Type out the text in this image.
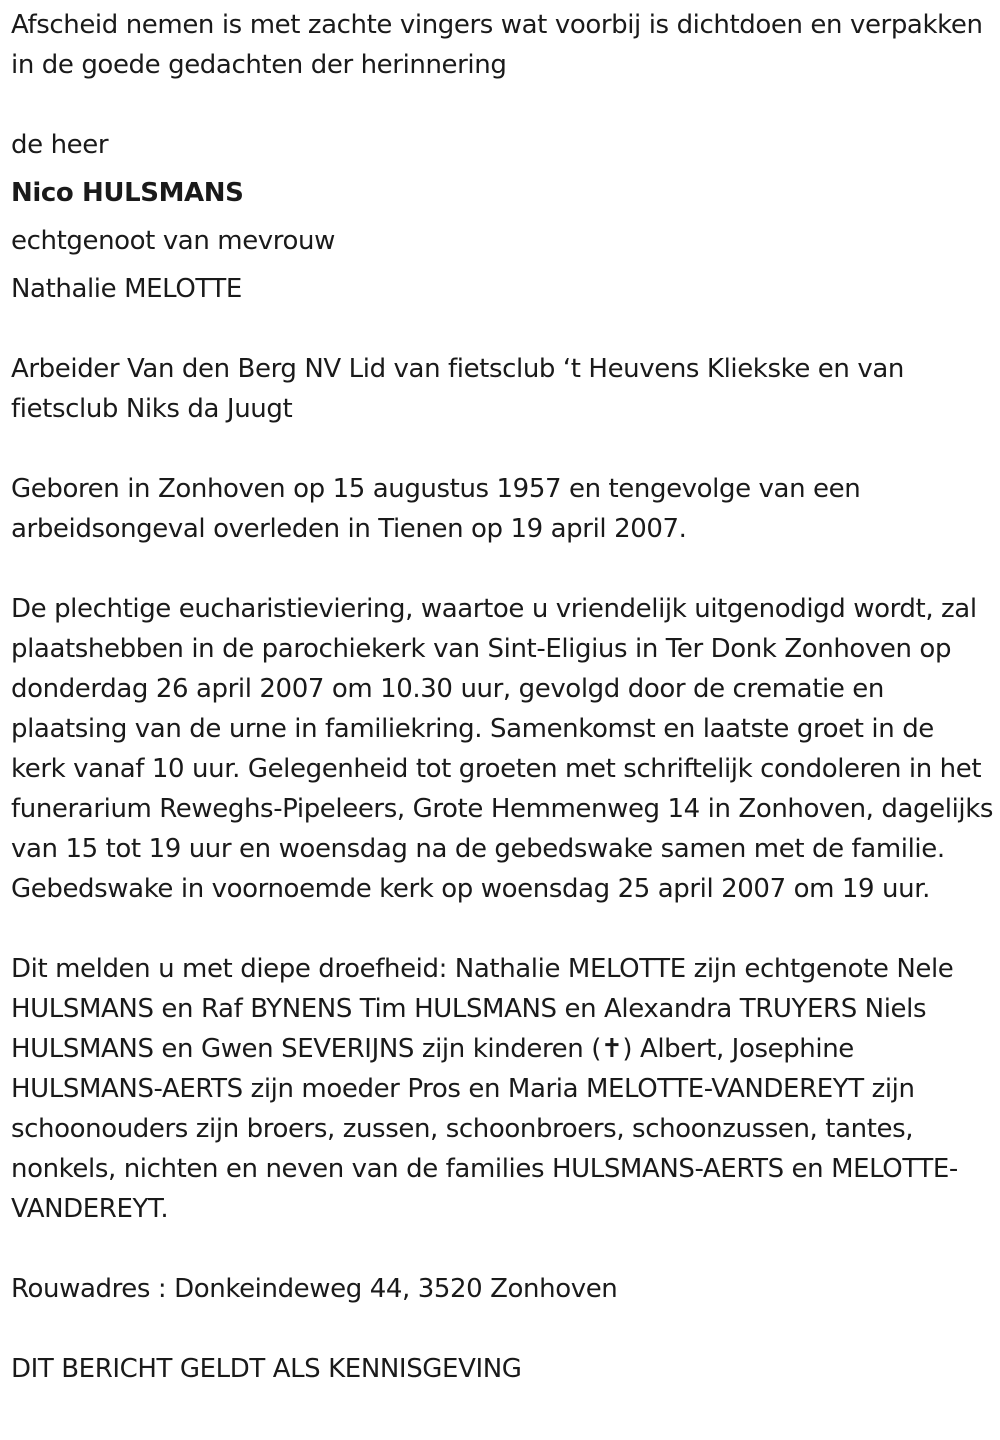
Afscheid nemen is met zachte vingers wat voorbij is dichtdoen en verpakken in de goede gedachten der herinnering

de heer

Nico HULSMANS

echtgenoot van mevrouw

Nathalie MELOTTE

Arbeider Van den Berg NV Lid van fietsclub ‘t Heuvens Kliekske en van fietsclub Niks da Juugt

Geboren in Zonhoven op 15 augustus 1957 en tengevolge van een arbeidsongeval overleden in Tienen op 19 april 2007.

De plechtige eucharistieviering, waartoe u vriendelijk uitgenodigd wordt, zal plaatshebben in de parochiekerk van Sint-Eligius in Ter Donk Zonhoven op donderdag 26 april 2007 om 10.30 uur, gevolgd door de crematie en plaatsing van de urne in familiekring. Samenkomst en laatste groet in de kerk vanaf 10 uur. Gelegenheid tot groeten met schriftelijk condoleren in het funerarium Reweghs-Pipeleers, Grote Hemmenweg 14 in Zonhoven, dagelijks van 15 tot 19 uur en woensdag na de gebedswake samen met de familie. Gebedswake in voornoemde kerk op woensdag 25 april 2007 om 19 uur.

Dit melden u met diepe droefheid: Nathalie MELOTTE zijn echtgenote Nele HULSMANS en Raf BYNENS Tim HULSMANS en Alexandra TRUYERS Niels HULSMANS en Gwen SEVERIJNS zijn kinderen (✝) Albert, Josephine HULSMANS-AERTS zijn moeder Pros en Maria MELOTTE-VANDEREYT zijn schoonouders zijn broers, zussen, schoonbroers, schoonzussen, tantes, nonkels, nichten en neven van de families HULSMANS-AERTS en MELOTTE-VANDEREYT.

Rouwadres : Donkeindeweg 44, 3520 Zonhoven

DIT BERICHT GELDT ALS KENNISGEVING
